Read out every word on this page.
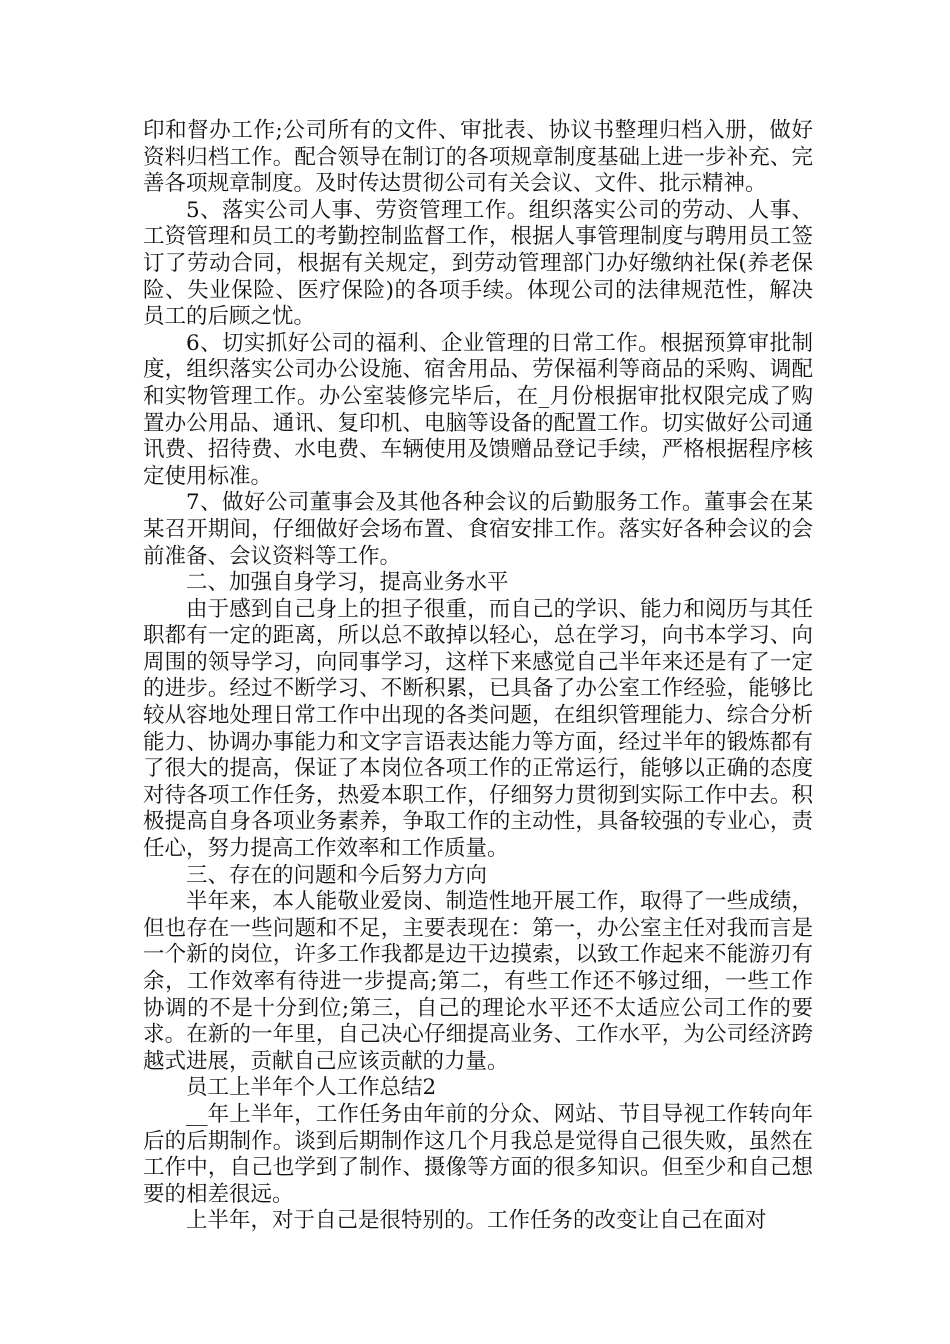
印和督办工作;公司所有的文件、审批表、协议书整理归档入册，做好资料归档工作。配合领导在制订的各项规章制度基础上进一步补充、完善各项规章制度。及时传达贯彻公司有关会议、文件、批示精神。

5、落实公司人事、劳资管理工作。组织落实公司的劳动、人事、工资管理和员工的考勤控制监督工作，根据人事管理制度与聘用员工签订了劳动合同，根据有关规定，到劳动管理部门办好缴纳社保(养老保险、失业保险、医疗保险)的各项手续。体现公司的法律规范性，解决员工的后顾之忧。

6、切实抓好公司的福利、企业管理的日常工作。根据预算审批制度，组织落实公司办公设施、宿舍用品、劳保福利等商品的采购、调配和实物管理工作。办公室装修完毕后，在_月份根据审批权限完成了购置办公用品、通讯、复印机、电脑等设备的配置工作。切实做好公司通讯费、招待费、水电费、车辆使用及馈赠品登记手续，严格根据程序核定使用标准。

7、做好公司董事会及其他各种会议的后勤服务工作。董事会在某某召开期间，仔细做好会场布置、食宿安排工作。落实好各种会议的会前准备、会议资料等工作。

二、加强自身学习，提高业务水平

由于感到自己身上的担子很重，而自己的学识、能力和阅历与其任职都有一定的距离，所以总不敢掉以轻心，总在学习，向书本学习、向周围的领导学习，向同事学习，这样下来感觉自己半年来还是有了一定的进步。经过不断学习、不断积累，已具备了办公室工作经验，能够比较从容地处理日常工作中出现的各类问题，在组织管理能力、综合分析能力、协调办事能力和文字言语表达能力等方面，经过半年的锻炼都有了很大的提高，保证了本岗位各项工作的正常运行，能够以正确的态度对待各项工作任务，热爱本职工作，仔细努力贯彻到实际工作中去。积极提高自身各项业务素养，争取工作的主动性，具备较强的专业心，责任心，努力提高工作效率和工作质量。

三、存在的问题和今后努力方向

半年来，本人能敬业爱岗、制造性地开展工作，取得了一些成绩，但也存在一些问题和不足，主要表现在：第一，办公室主任对我而言是一个新的岗位，许多工作我都是边干边摸索，以致工作起来不能游刃有余，工作效率有待进一步提高;第二，有些工作还不够过细，一些工作协调的不是十分到位;第三，自己的理论水平还不太适应公司工作的要求。在新的一年里，自己决心仔细提高业务、工作水平，为公司经济跨越式进展，贡献自己应该贡献的力量。

员工上半年个人工作总结2

__年上半年，工作任务由年前的分众、网站、节目导视工作转向年后的后期制作。谈到后期制作这几个月我总是觉得自己很失败，虽然在工作中，自己也学到了制作、摄像等方面的很多知识。但至少和自己想要的相差很远。

上半年，对于自己是很特别的。工作任务的改变让自己在面对
